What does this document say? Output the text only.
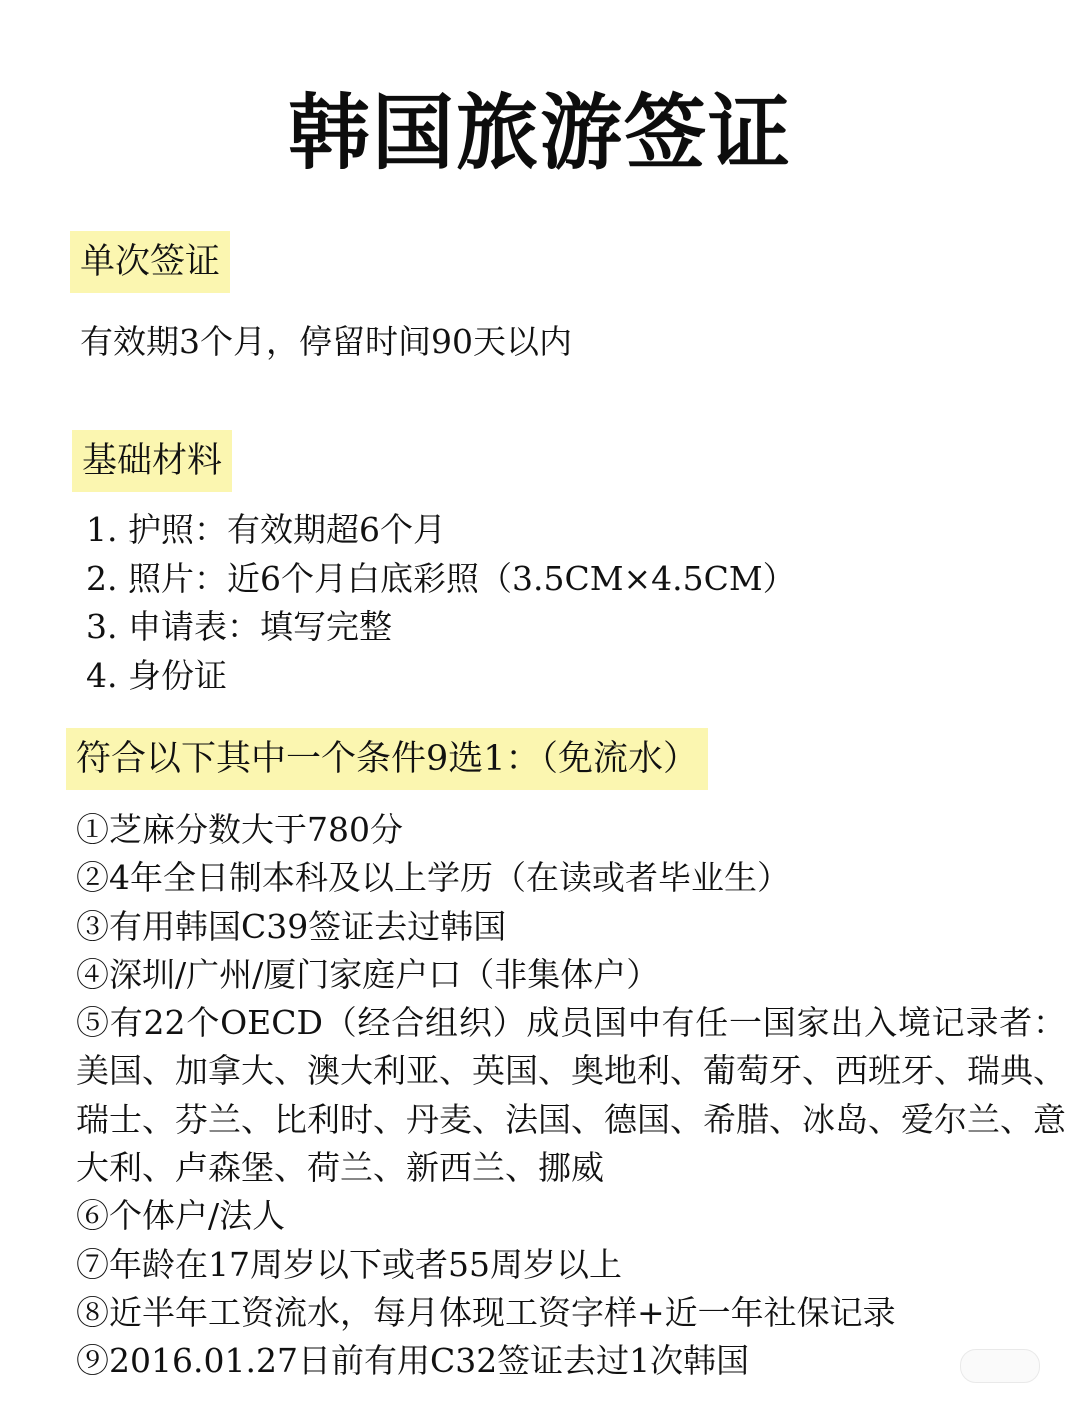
韩国旅游签证
单次签证
有效期3个月，停留时间90天以内
基础材料
1. 护照：有效期超6个月
2. 照片：近6个月白底彩照（3.5CM×4.5CM）
3. 申请表：填写完整
4. 身份证
符合以下其中一个条件9选1：（免流水）
①芝麻分数大于780分
②4年全日制本科及以上学历（在读或者毕业生）
③有用韩国C39签证去过韩国
④深圳/广州/厦门家庭户口（非集体户）
⑤有22个OECD（经合组织）成员国中有任一国家出入境记录者：美国、加拿大、澳大利亚、英国、奥地利、葡萄牙、西班牙、瑞典、瑞士、芬兰、比利时、丹麦、法国、德国、希腊、冰岛、爱尔兰、意大利、卢森堡、荷兰、新西兰、挪威
⑥个体户/法人
⑦年龄在17周岁以下或者55周岁以上
⑧近半年工资流水，每月体现工资字样+近一年社保记录
⑨2016.01.27日前有用C32签证去过1次韩国
